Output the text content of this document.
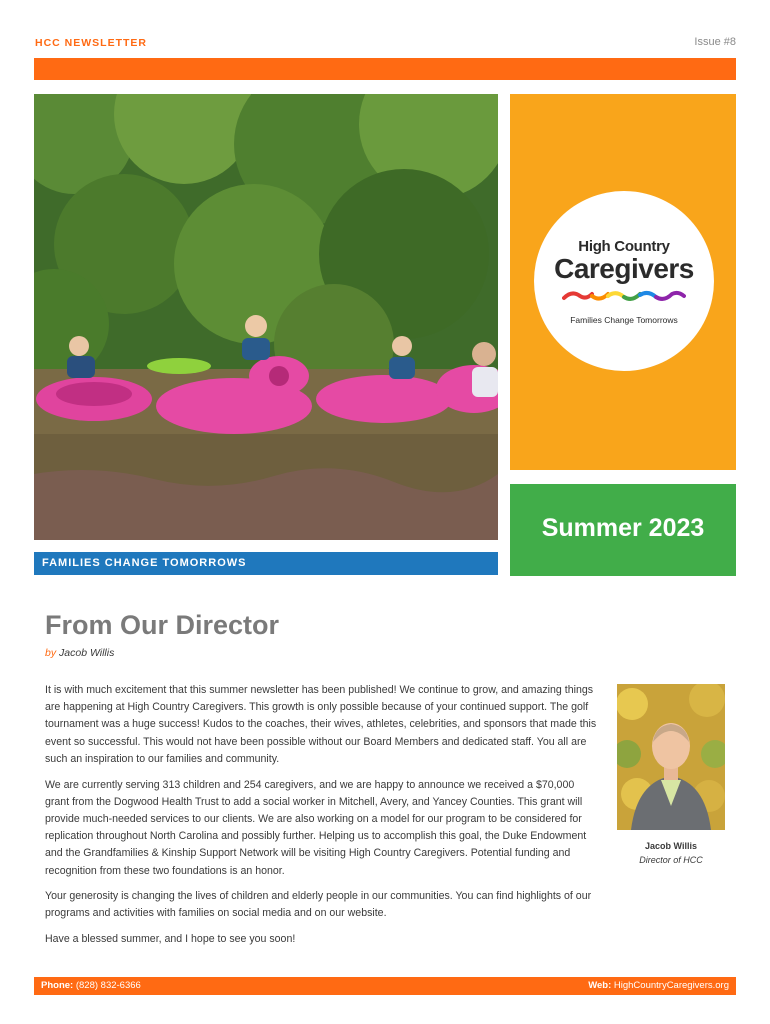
HCC NEWSLETTER	Issue #8
High Country
Caregivers
Families Change Tomorrows
Summer 2023
FAMILIES CHANGE TOMORROWS
From Our Director
by Jacob Willis

It is with much excitement that this summer newsletter has been published! We continue to grow, and amazing things are happening at High Country Caregivers. This growth is only possible because of your continued support. The golf tournament was a huge success! Kudos to the coaches, their wives, athletes, celebrities, and sponsors that made this event so successful. This would not have been possible without our Board Members and dedicated staff. You all are such an inspiration to our families and community.

We are currently serving 313 children and 254 caregivers, and we are happy to announce we received a $70,000 grant from the Dogwood Health Trust to add a social worker in Mitchell, Avery, and Yancey Counties. This grant will provide much-needed services to our clients. We are also working on a model for our program to be considered for replication throughout North Carolina and possibly further. Helping us to accomplish this goal, the Duke Endowment and the Grandfamilies & Kinship Support Network will be visiting High Country Caregivers. Potential funding and recognition from these two foundations is an honor.

Your generosity is changing the lives of children and elderly people in our communities. You can find highlights of our programs and activities with families on social media and on our website.

Have a blessed summer, and I hope to see you soon!

Jacob Willis
Director of HCC
Phone: (828) 832-6366	Web: HighCountryCaregivers.org
